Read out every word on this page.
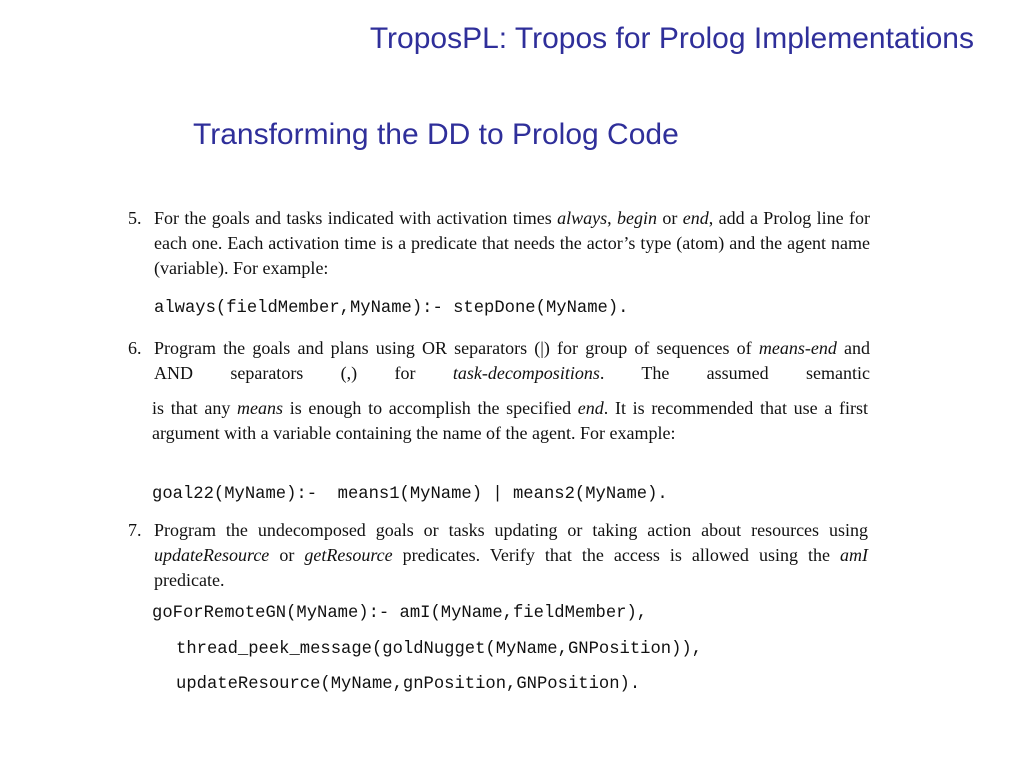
TroposPL: Tropos for Prolog Implementations
Transforming the DD to Prolog Code
5. For the goals and tasks indicated with activation times always, begin or end, add a Prolog line for each one. Each activation time is a predicate that needs the actor’s type (atom) and the agent name (variable). For example:
always(fieldMember,MyName):- stepDone(MyName).
6. Program the goals and plans using OR separators (|) for group of sequences of means-end and AND separators (,) for task-decompositions. The assumed semantic
is that any means is enough to accomplish the specified end. It is recommended that use a first argument with a variable containing the name of the agent. For example:
goal22(MyName):-  means1(MyName) | means2(MyName).
7. Program the undecomposed goals or tasks updating or taking action about resources using updateResource or getResource predicates. Verify that the access is allowed using the amI predicate.
goForRemoteGN(MyName):- amI(MyName,fieldMember),
thread_peek_message(goldNugget(MyName,GNPosition)),
updateResource(MyName,gnPosition,GNPosition).
